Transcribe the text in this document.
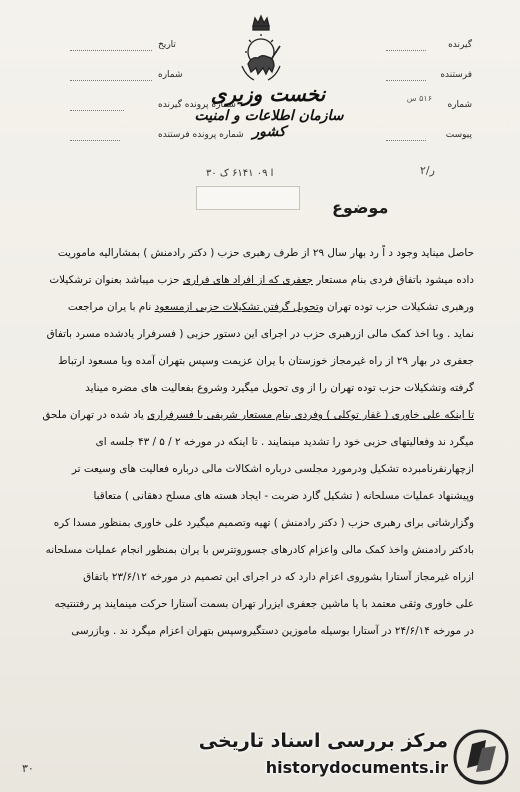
گیرنده
فرستنده
شماره
۵۱۶ س
پیوست
تاریخ
شماره
شماره پرونده گیرنده
شماره پرونده فرستنده
نخست وزیری
سازمان اطلاعات و امنیت کشور
۳۰ ا ۰۹ ۶۱۴۱ ک	۲/ر
موضوع
حاصل میناید وجود د اً رد بهار سال ۲۹ از طرف رهبری حزب ( دکتر رادمنش ) بمشارالیه ماموریت
داده میشود باتفاق فردی بنام مستعار جعفری که از افراد های فراری حزب میباشد بعنوان ترشکیلات
ورهبری تشکیلات حزب توده تهران وتحویل گرفتن تشکیلات حزبی ازمسعود نام با یران مراجعت
نماید . وبا اخذ کمک مالی ازرهبری حزب در اجرای این دستور حزبی ( فسرفرار یادشده مسرد باتفاق
جعفری در بهار ۲۹ از راه غیرمجاز خوزستان با یران عزیمت وسپس بتهران آمده وبا مسعود ارتباط
گرفته وتشکیلات حزب توده تهران را از وی تحویل میگیرد وشروع بفعالیت های مضره میناید
تا اینکه علی خاوری ( غفار توکلی ) وفردی بنام مستعار شریفی با فسرفراری یاد شده در تهران ملحق
میگرد ند وفعالیتهای حزبی خود را تشدید مینمایند . تا اینکه در مورخه ۲ / ۵ / ۴۳ جلسه ای
ازچهارنفرنامبرده تشکیل ودرمورد مجلسی درباره اشکالات مالی درباره فعالیت های وسیعت تر
وپیشنهاد عملیات مسلحانه ( تشکیل گارد ضربت - ایجاد هسته های مسلح دهقانی ) متعاقبا
وگزارشاتی برای رهبری حزب ( دکتر رادمنش ) تهیه وتصمیم میگیرد علی خاوری بمنظور مسدا کره
بادکتر رادمنش واخذ کمک مالی واعزام کادرهای جسوروتترس با یران بمنظور انجام عملیات مسلحانه
ازراه غیرمجاز آستارا بشوروی اعزام دارد که در اجرای این تصمیم در مورخه ۲۳/۶/۱۲ باتفاق
علی خاوری وثقی معتمد با یا ماشین جعفری ایزرار تهران بسمت آستارا حرکت مینمایند پر رفتنتیجه
در مورخه ۲۴/۶/۱۴ در آستارا بوسیله ماموزین دستگیروسپس بتهران اعزام میگرد ند . وبازرسی
۳۰
مرکز بررسی اسناد تاریخی
historydocuments.ir
